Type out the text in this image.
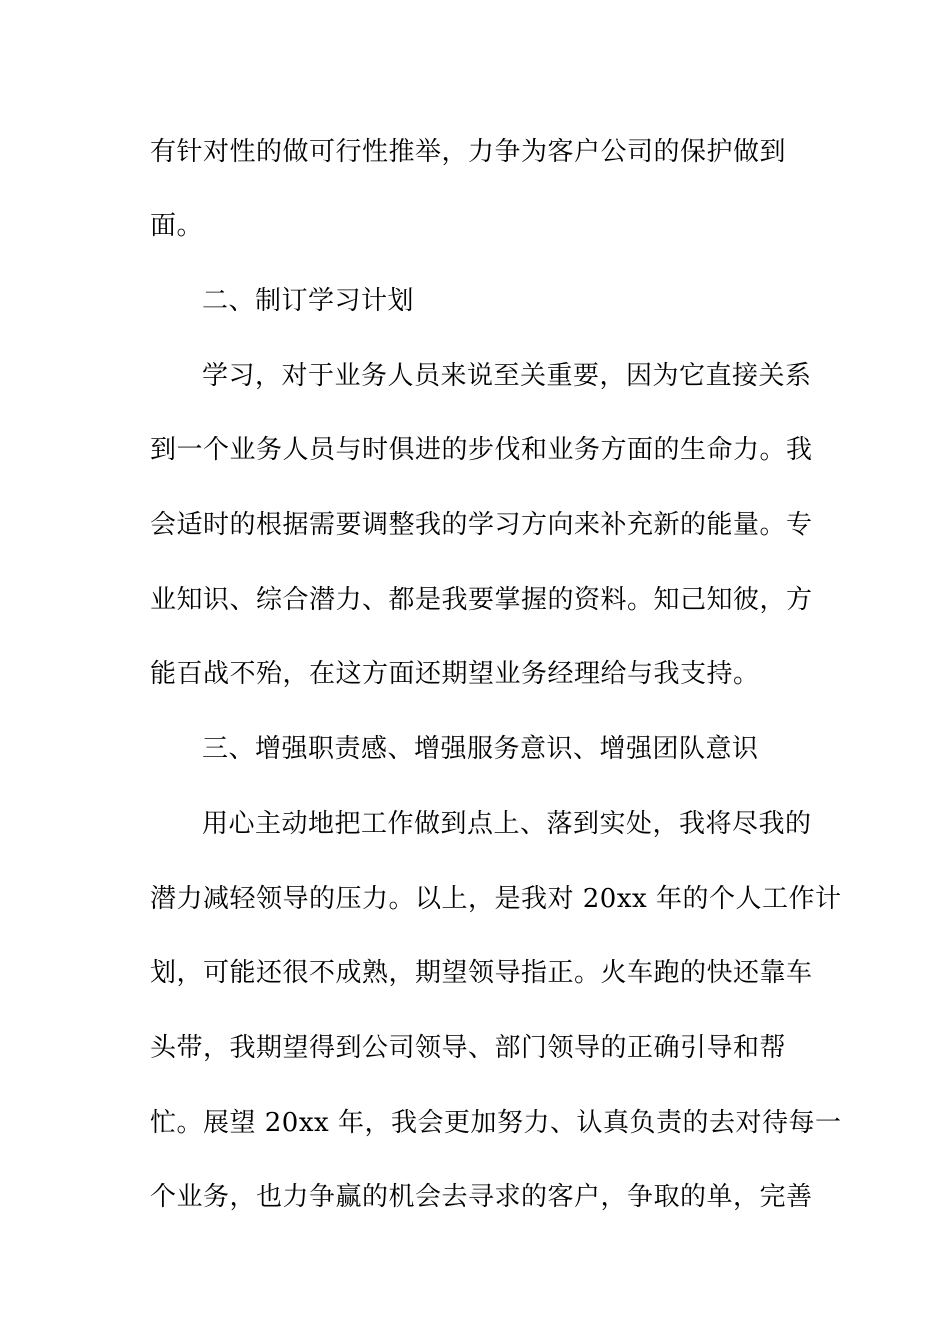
有针对性的做可行性推举，力争为客户公司的保护做到
面。
二、制订学习计划
学习，对于业务人员来说至关重要，因为它直接关系
到一个业务人员与时俱进的步伐和业务方面的生命力。我
会适时的根据需要调整我的学习方向来补充新的能量。专
业知识、综合潜力、都是我要掌握的资料。知己知彼，方
能百战不殆，在这方面还期望业务经理给与我支持。
三、增强职责感、增强服务意识、增强团队意识
用心主动地把工作做到点上、落到实处，我将尽我的
潜力减轻领导的压力。以上，是我对 20xx 年的个人工作计
划，可能还很不成熟，期望领导指正。火车跑的快还靠车
头带，我期望得到公司领导、部门领导的正确引导和帮
忙。展望 20xx 年，我会更加努力、认真负责的去对待每一
个业务，也力争赢的机会去寻求的客户，争取的单，完善
